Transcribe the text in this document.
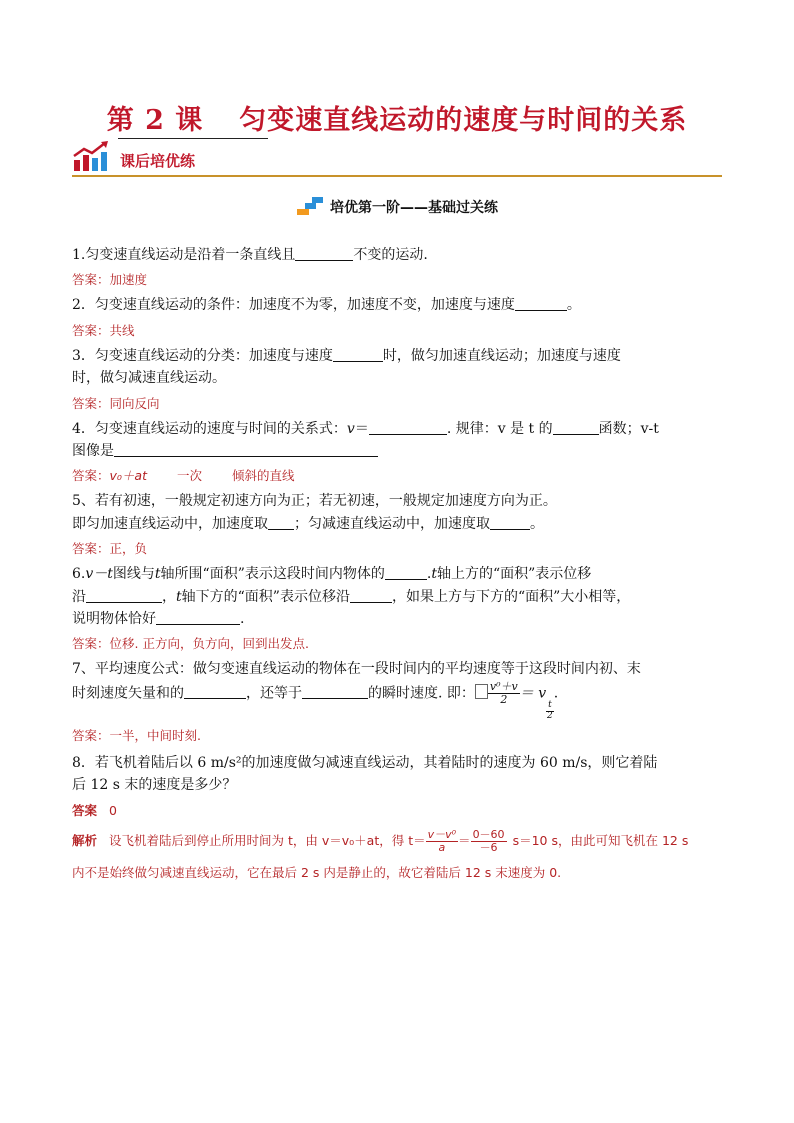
第 2 课 匀变速直线运动的速度与时间的关系
课后培优练
培优第一阶——基础过关练

1.匀变速直线运动是沿着一条直线且	不变的运动.

答案：加速度

2．匀变速直线运动的条件：加速度不为零，加速度不变，加速度与速度	。

答案：共线

3．匀变速直线运动的分类：加速度与速度	时，做匀加速直线运动；加速度与速度
时，做匀减速直线运动。

答案：同向反向

4．匀变速直线运动的速度与时间的关系式：v＝	. 规律：v 是 t 的	函数；v-t
图像是

答案：v₀＋at 一次 倾斜的直线

5、若有初速，一般规定初速方向为正；若无初速，一般规定加速度方向为正。
即匀加速直线运动中，加速度取 ；匀减速直线运动中，加速度取	。

答案：正，负

6.v－t图线与t轴所围“面积”表示这段时间内物体的	.t轴上方的“面积”表示位移
沿	，t轴下方的“面积”表示位移沿	，如果上方与下方的“面积”大小相等，
说明物体恰好	.

答案：位移. 正方向，负方向，回到出发点.

7、平均速度公式：做匀变速直线运动的物体在一段时间内的平均速度等于这段时间内初、末
时刻速度矢量和的	，还等于	的瞬时速度. 即： $\frac{\text{v⁰＋v}}{2} = v$
$\frac{t}{2}$
.

答案：一半，中间时刻.

8．若飞机着陆后以 6 m/s²的加速度做匀减速直线运动，其着陆时的速度为 60 m/s，则它着陆
后 12 s 末的速度是多少？

答案 0

解析 设飞机着陆后到停止所用时间为 t，由 v＝v₀＋at，得 $t= \frac{\text{v－v⁰}}{a} = \frac{0-60}{-6} s=10$ s，由此可知飞机在 12 s
内不是始终做匀减速直线运动，它在最后 2 s 内是静止的，故它着陆后 12 s 末速度为 0.
